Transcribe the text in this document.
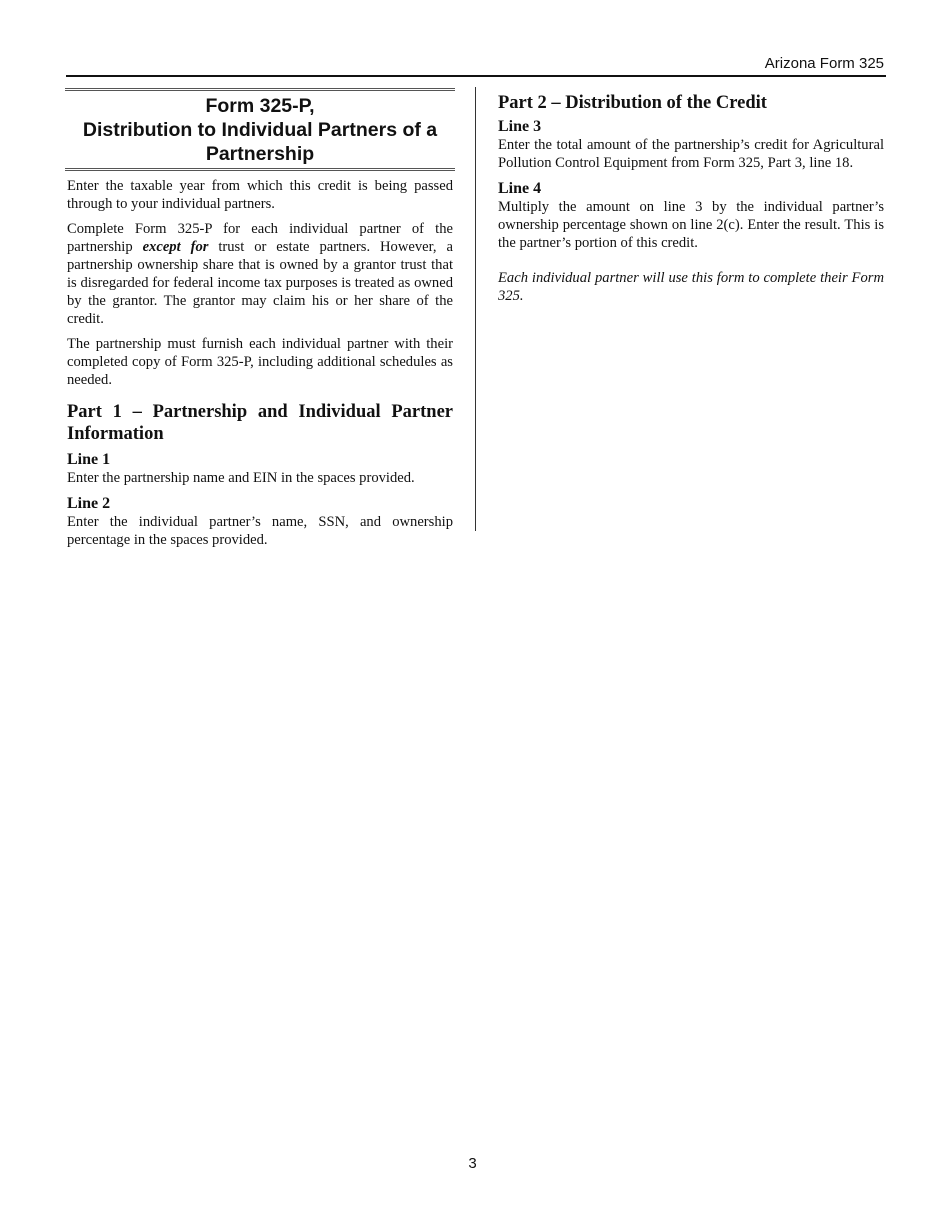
Arizona Form 325
Form 325-P,
Distribution to Individual Partners of a
Partnership

Enter the taxable year from which this credit is being passed through to your individual partners.

Complete Form 325-P for each individual partner of the partnership except for trust or estate partners. However, a partnership ownership share that is owned by a grantor trust that is disregarded for federal income tax purposes is treated as owned by the grantor. The grantor may claim his or her share of the credit.

The partnership must furnish each individual partner with their completed copy of Form 325-P, including additional schedules as needed.

Part 1 – Partnership and Individual Partner Information
Line 1

Enter the partnership name and EIN in the spaces provided.

Line 2

Enter the individual partner’s name, SSN, and ownership percentage in the spaces provided.

Part 2 – Distribution of the Credit
Line 3

Enter the total amount of the partnership’s credit for Agricultural Pollution Control Equipment from Form 325, Part 3, line 18.

Line 4

Multiply the amount on line 3 by the individual partner’s ownership percentage shown on line 2(c). Enter the result. This is the partner’s portion of this credit.

Each individual partner will use this form to complete their Form 325.

3
